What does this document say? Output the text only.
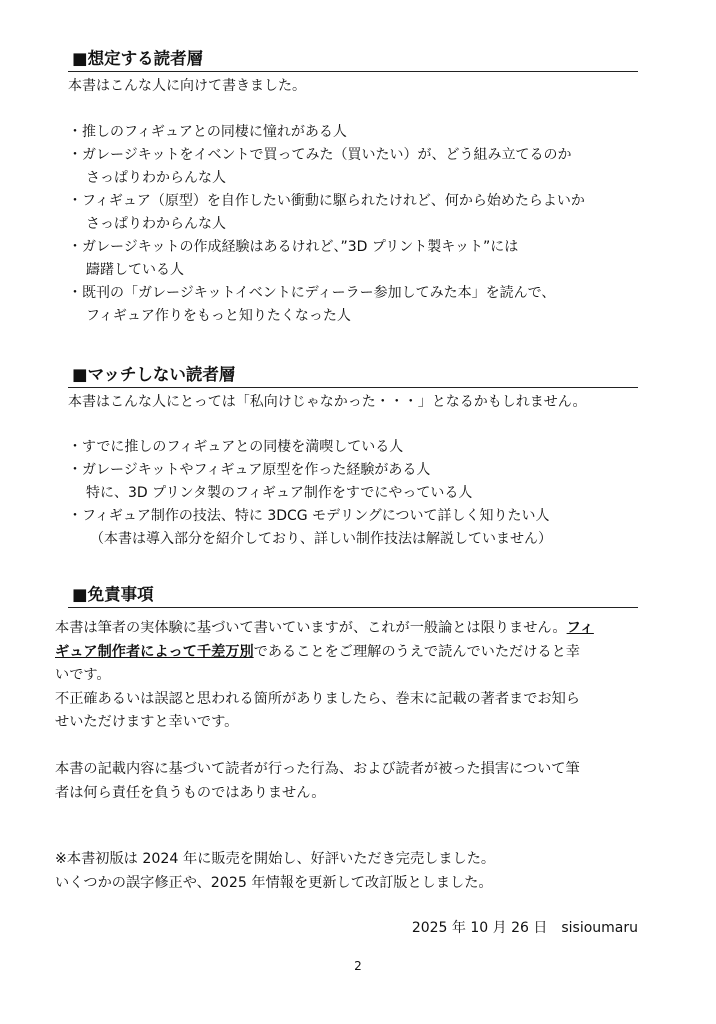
■想定する読者層
本書はこんな人に向けて書きました。
・推しのフィギュアとの同棲に憧れがある人
・ガレージキットをイベントで買ってみた（買いたい）が、どう組み立てるのか
さっぱりわからんな人
・フィギュア（原型）を自作したい衝動に駆られたけれど、何から始めたらよいか
さっぱりわからんな人
・ガレージキットの作成経験はあるけれど、”3D プリント製キット”には
躊躇している人
・既刊の「ガレージキットイベントにディーラー参加してみた本」を読んで、
フィギュア作りをもっと知りたくなった人
■マッチしない読者層
本書はこんな人にとっては「私向けじゃなかった・・・」となるかもしれません。
・すでに推しのフィギュアとの同棲を満喫している人
・ガレージキットやフィギュア原型を作った経験がある人
特に、3D プリンタ製のフィギュア制作をすでにやっている人
・フィギュア制作の技法、特に 3DCG モデリングについて詳しく知りたい人
（本書は導入部分を紹介しており、詳しい制作技法は解説していません）
■免責事項
本書は筆者の実体験に基づいて書いていますが、これが一般論とは限りません。フィ
ギュア制作者によって千差万別であることをご理解のうえで読んでいただけると幸
いです。
不正確あるいは誤認と思われる箇所がありましたら、巻末に記載の著者までお知ら
せいただけますと幸いです。
本書の記載内容に基づいて読者が行った行為、および読者が被った損害について筆
者は何ら責任を負うものではありません。
※本書初版は 2024 年に販売を開始し、好評いただき完売しました。
いくつかの誤字修正や、2025 年情報を更新して改訂版としました。
2025 年 10 月 26 日 sisioumaru
2
